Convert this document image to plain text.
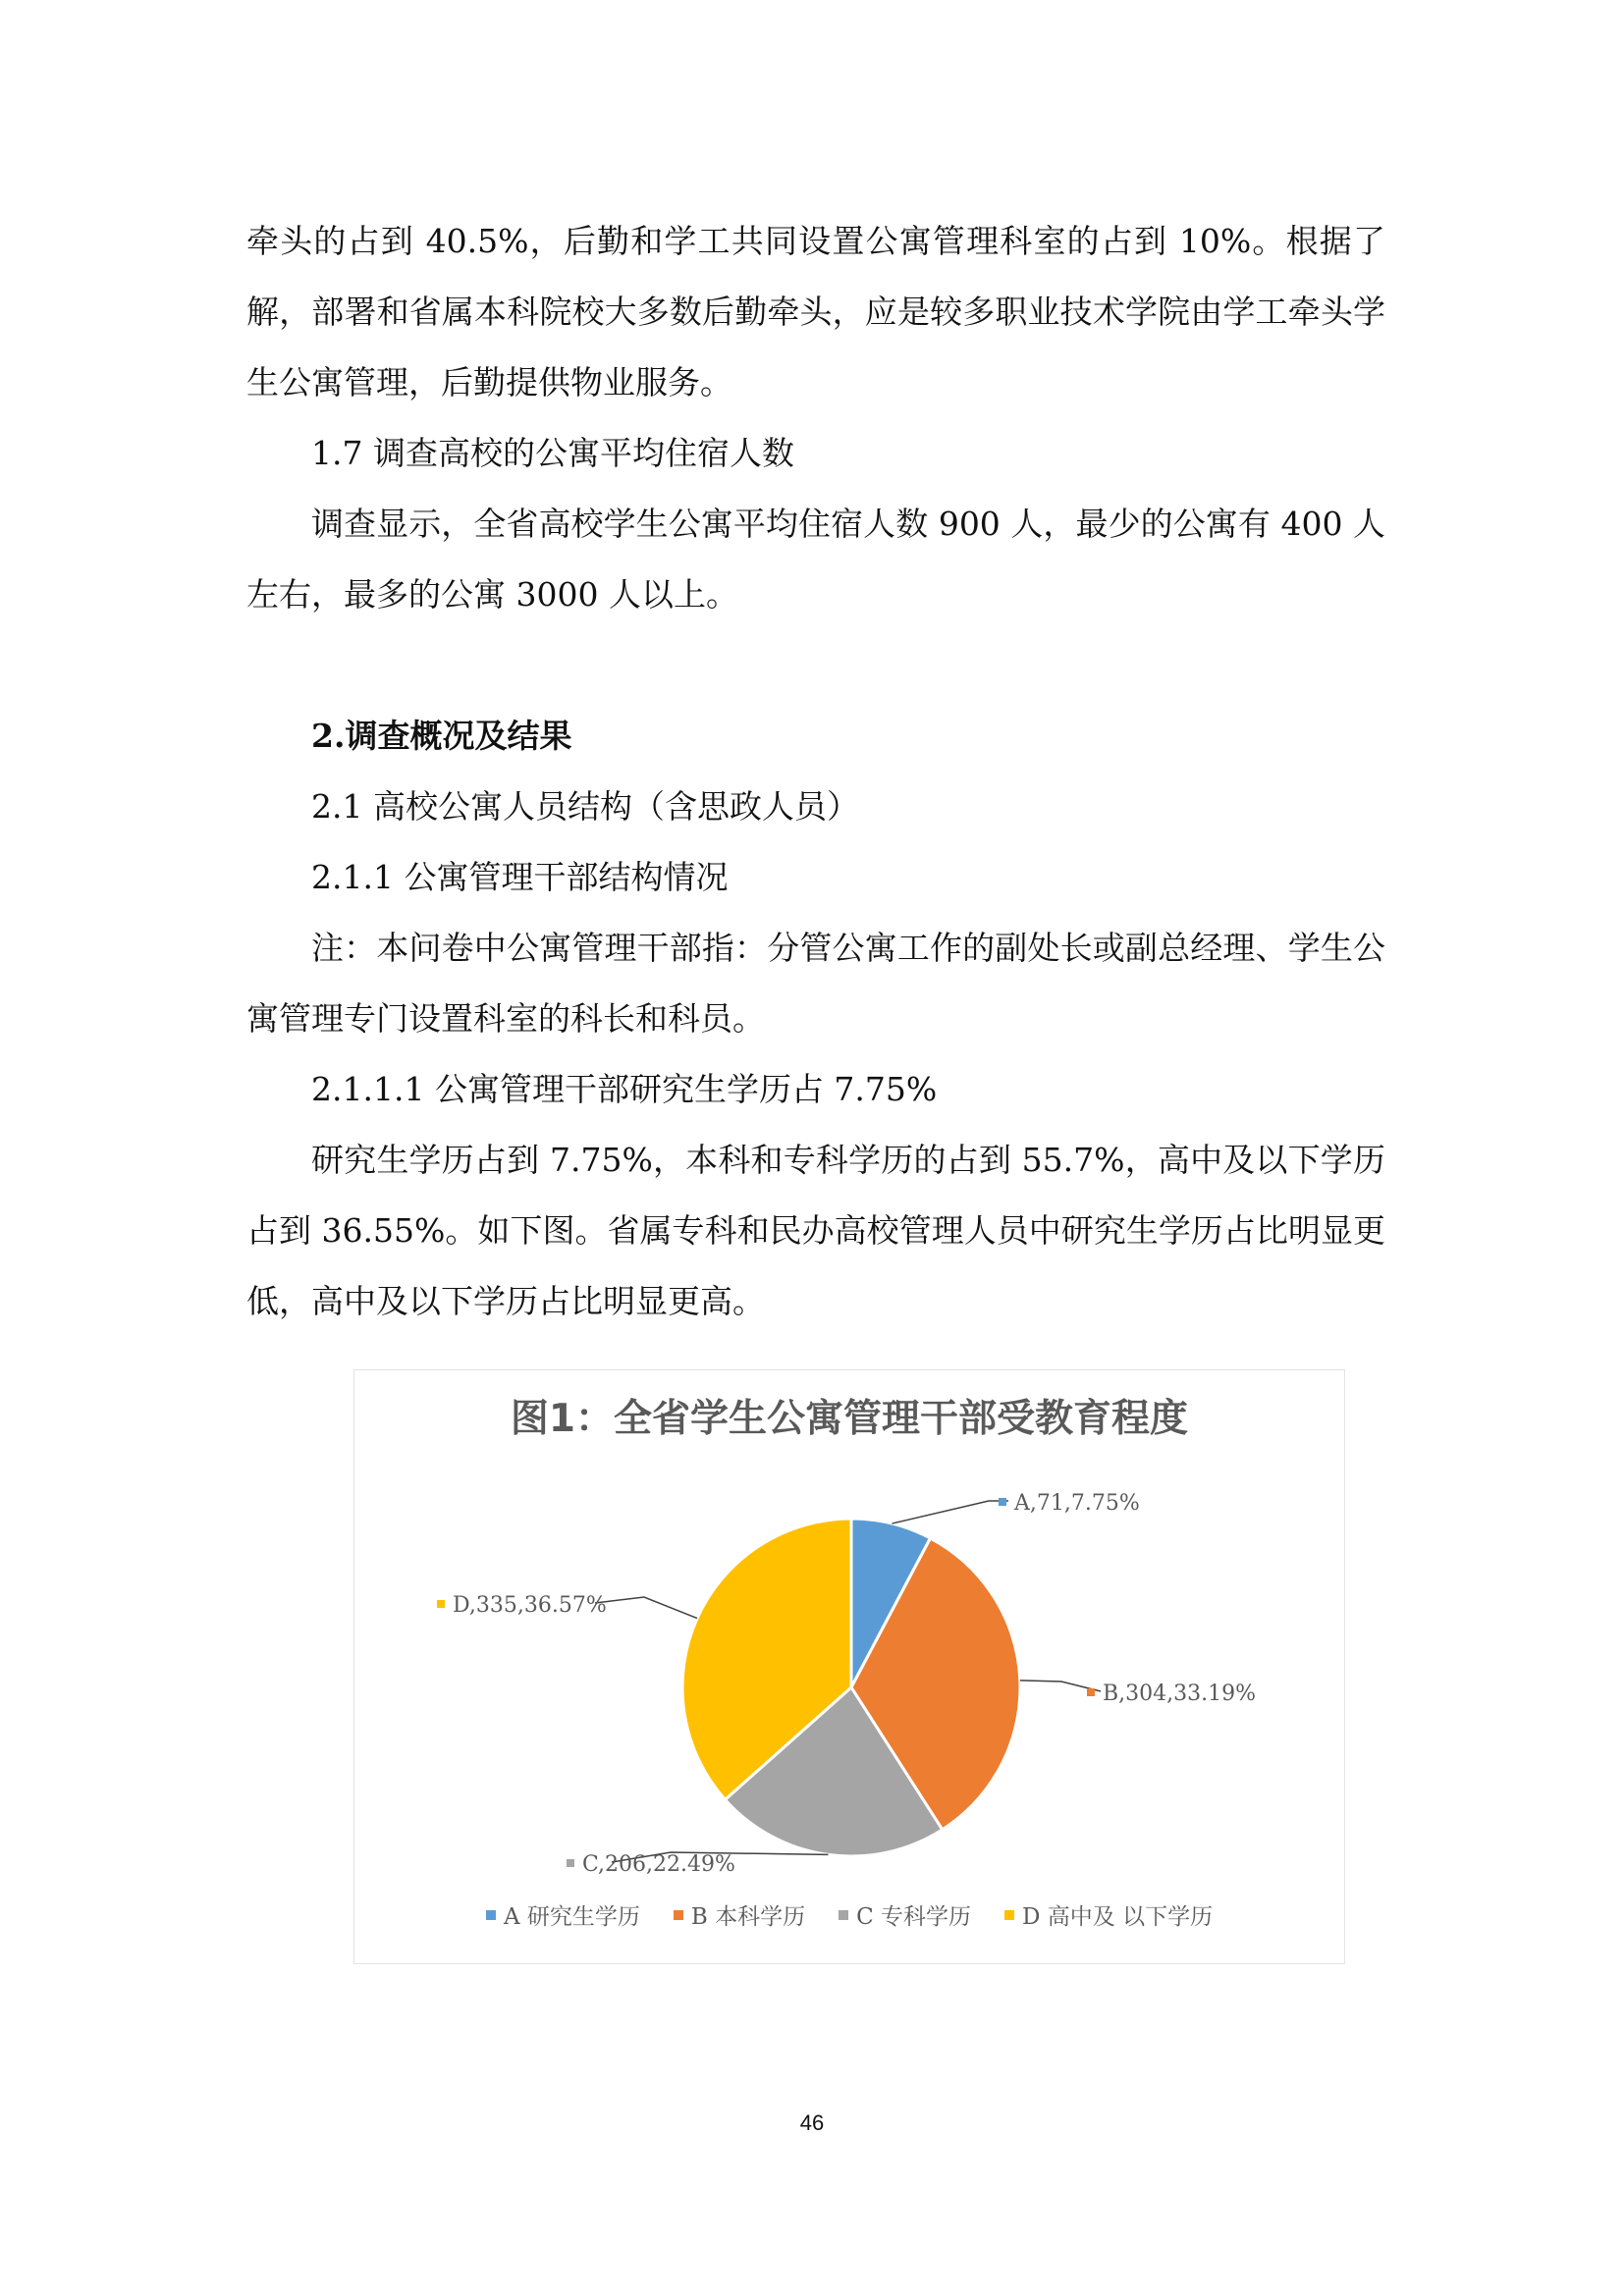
牵头的占到 40.5%，后勤和学工共同设置公寓管理科室的占到 10%。根据了解，部署和省属本科院校大多数后勤牵头，应是较多职业技术学院由学工牵头学生公寓管理，后勤提供物业服务。

1.7 调查高校的公寓平均住宿人数

调查显示，全省高校学生公寓平均住宿人数 900 人，最少的公寓有 400 人左右，最多的公寓 3000 人以上。

2.调查概况及结果

2.1 高校公寓人员结构（含思政人员）

2.1.1 公寓管理干部结构情况

注：本问卷中公寓管理干部指：分管公寓工作的副处长或副总经理、学生公寓管理专门设置科室的科长和科员。

2.1.1.1 公寓管理干部研究生学历占 7.75%

研究生学历占到 7.75%，本科和专科学历的占到 55.7%，高中及以下学历占到 36.55%。如下图。省属专科和民办高校管理人员中研究生学历占比明显更低，高中及以下学历占比明显更高。

图1：全省学生公寓管理干部受教育程度

A,71,7.75%
B,304,33.19%
C,206,22.49%
D,335,36.57%
A 研究生学历 B 本科学历 C 专科学历 D 高中及 以下学历
46
